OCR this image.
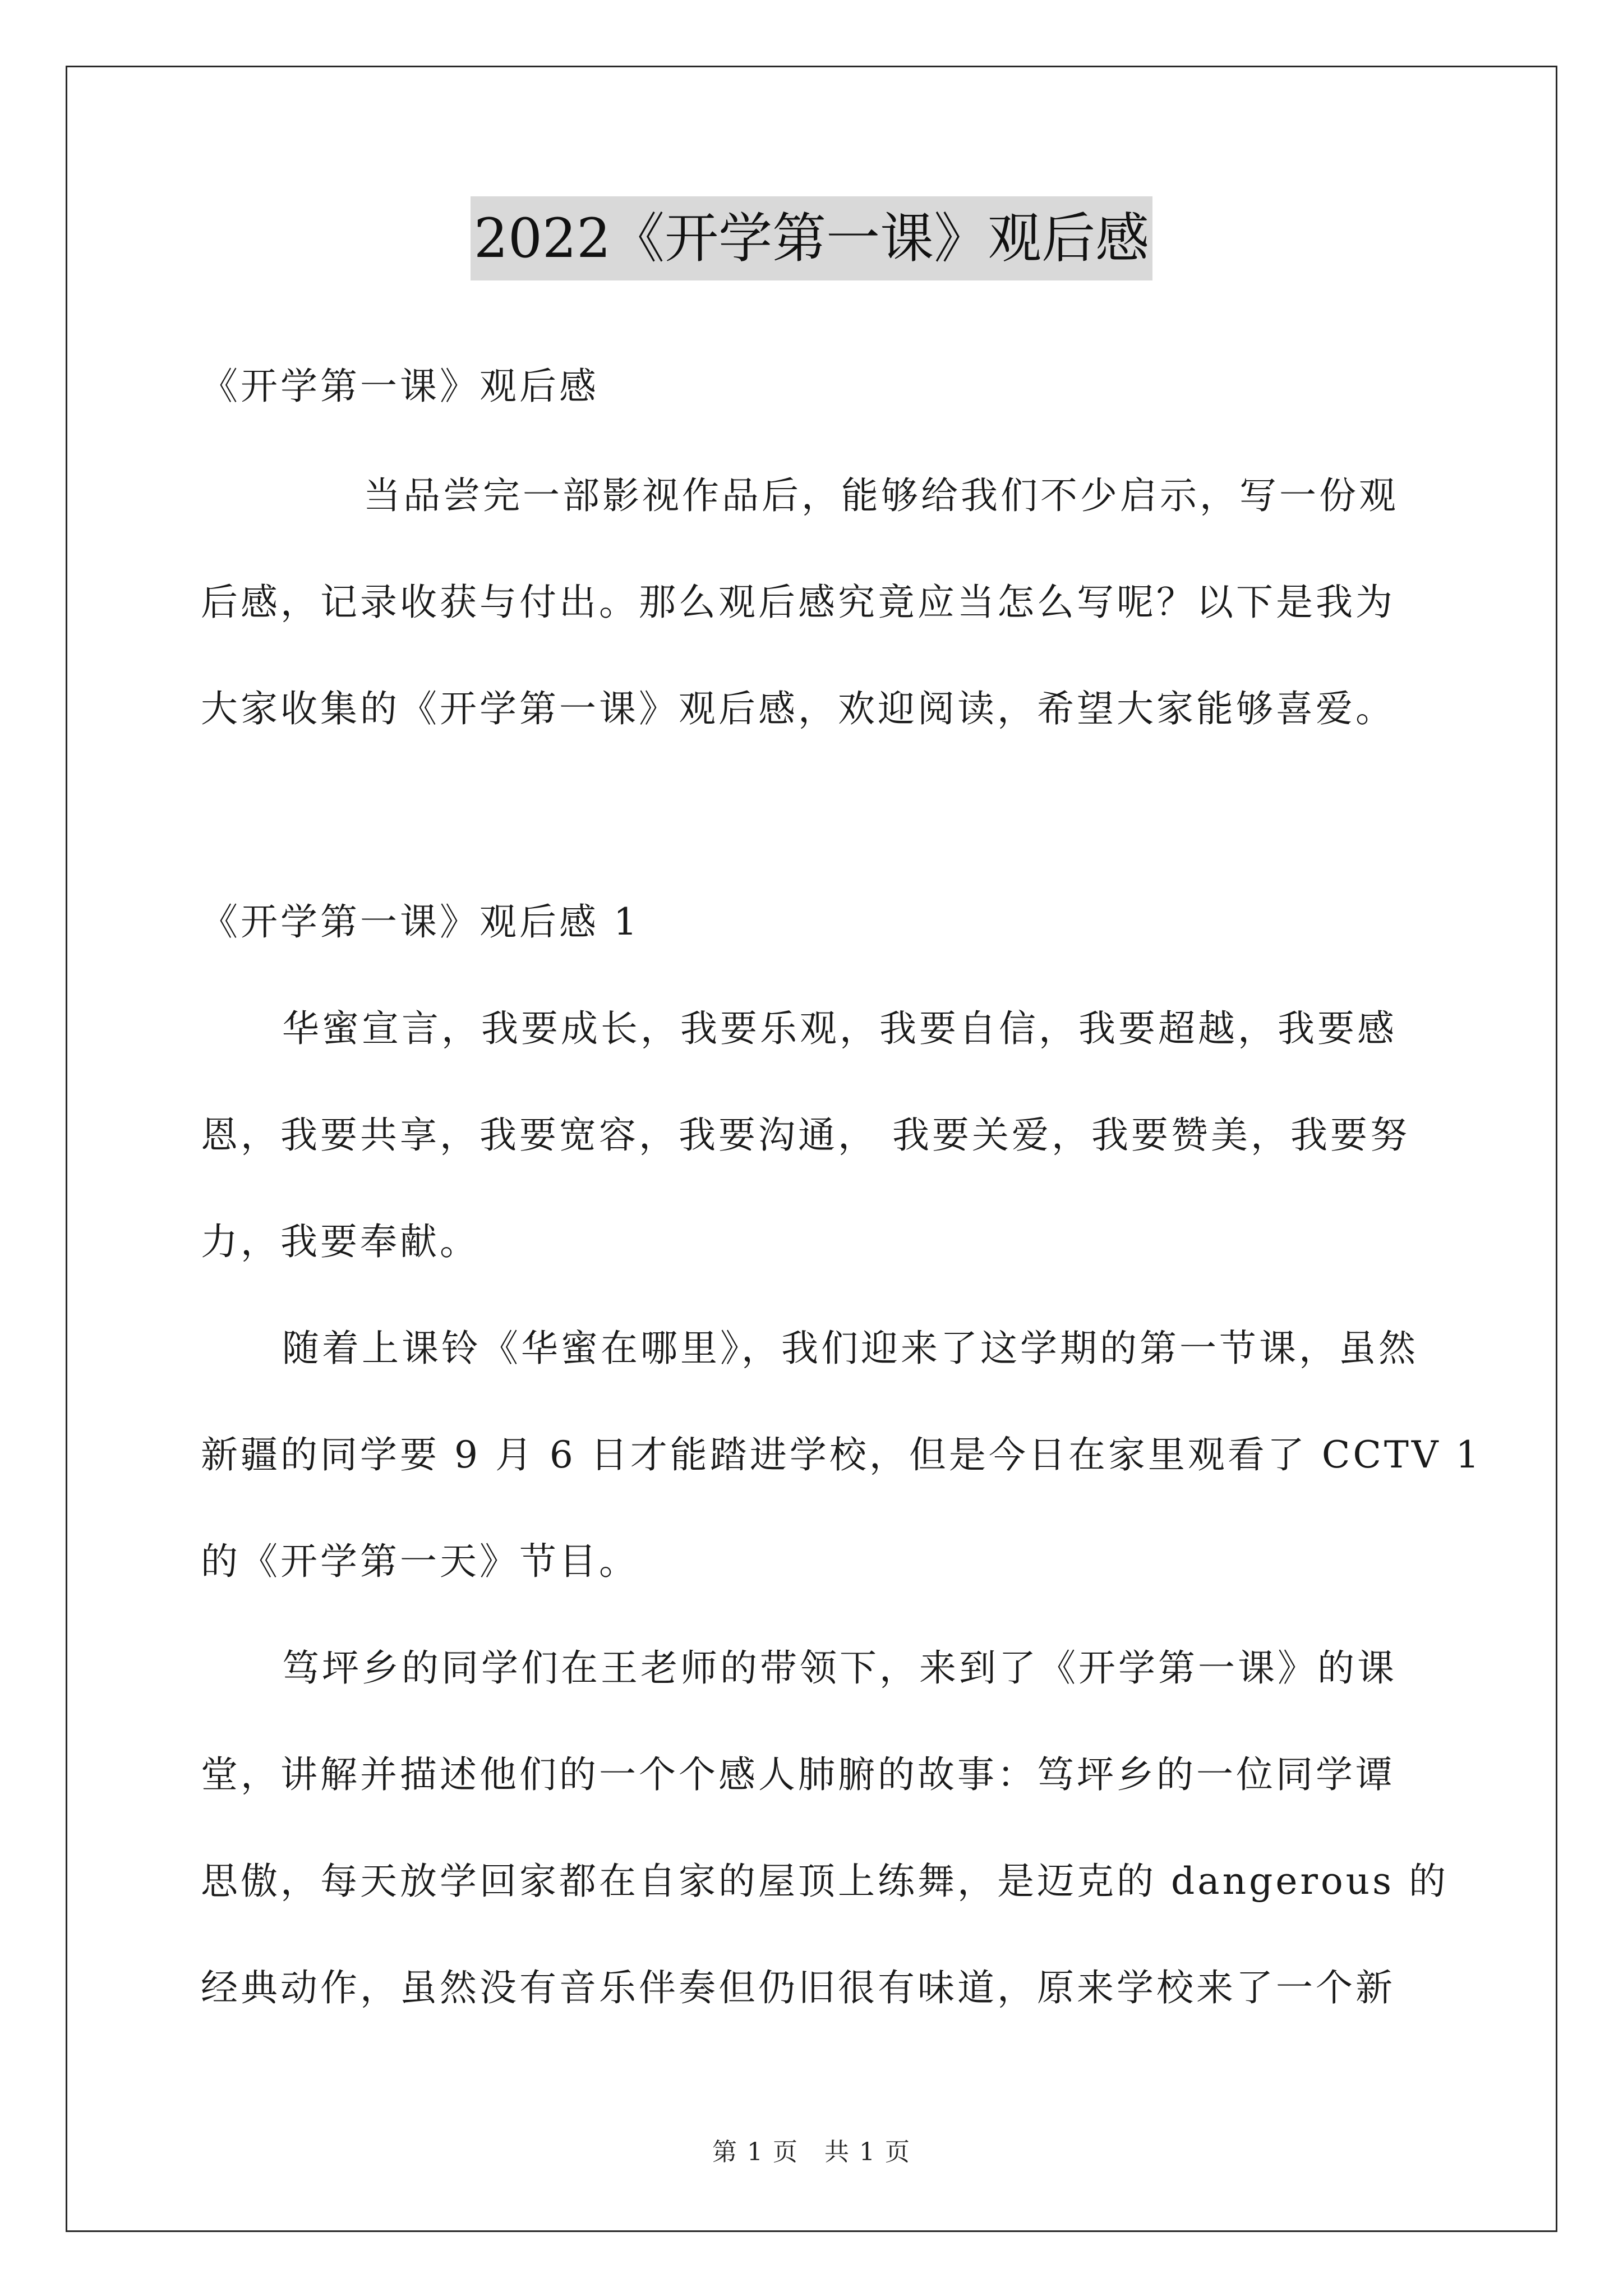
2022《开学第一课》观后感
《开学第一课》观后感
当品尝完一部影视作品后，能够给我们不少启示，写一份观
后感，记录收获与付出。那么观后感究竟应当怎么写呢？以下是我为
大家收集的《开学第一课》观后感，欢迎阅读，希望大家能够喜爱。
《开学第一课》观后感 1
华蜜宣言，我要成长，我要乐观，我要自信，我要超越，我要感
恩，我要共享，我要宽容，我要沟通， 我要关爱，我要赞美，我要努
力，我要奉献。
随着上课铃《华蜜在哪里》，我们迎来了这学期的第一节课，虽然
新疆的同学要 9 月 6 日才能踏进学校，但是今日在家里观看了 CCTV 1
的《开学第一天》节目。
笃坪乡的同学们在王老师的带领下，来到了《开学第一课》的课
堂，讲解并描述他们的一个个感人肺腑的故事：笃坪乡的一位同学谭
思傲，每天放学回家都在自家的屋顶上练舞，是迈克的 dangerous 的
经典动作，虽然没有音乐伴奏但仍旧很有味道，原来学校来了一个新
第 1 页　共 1 页
